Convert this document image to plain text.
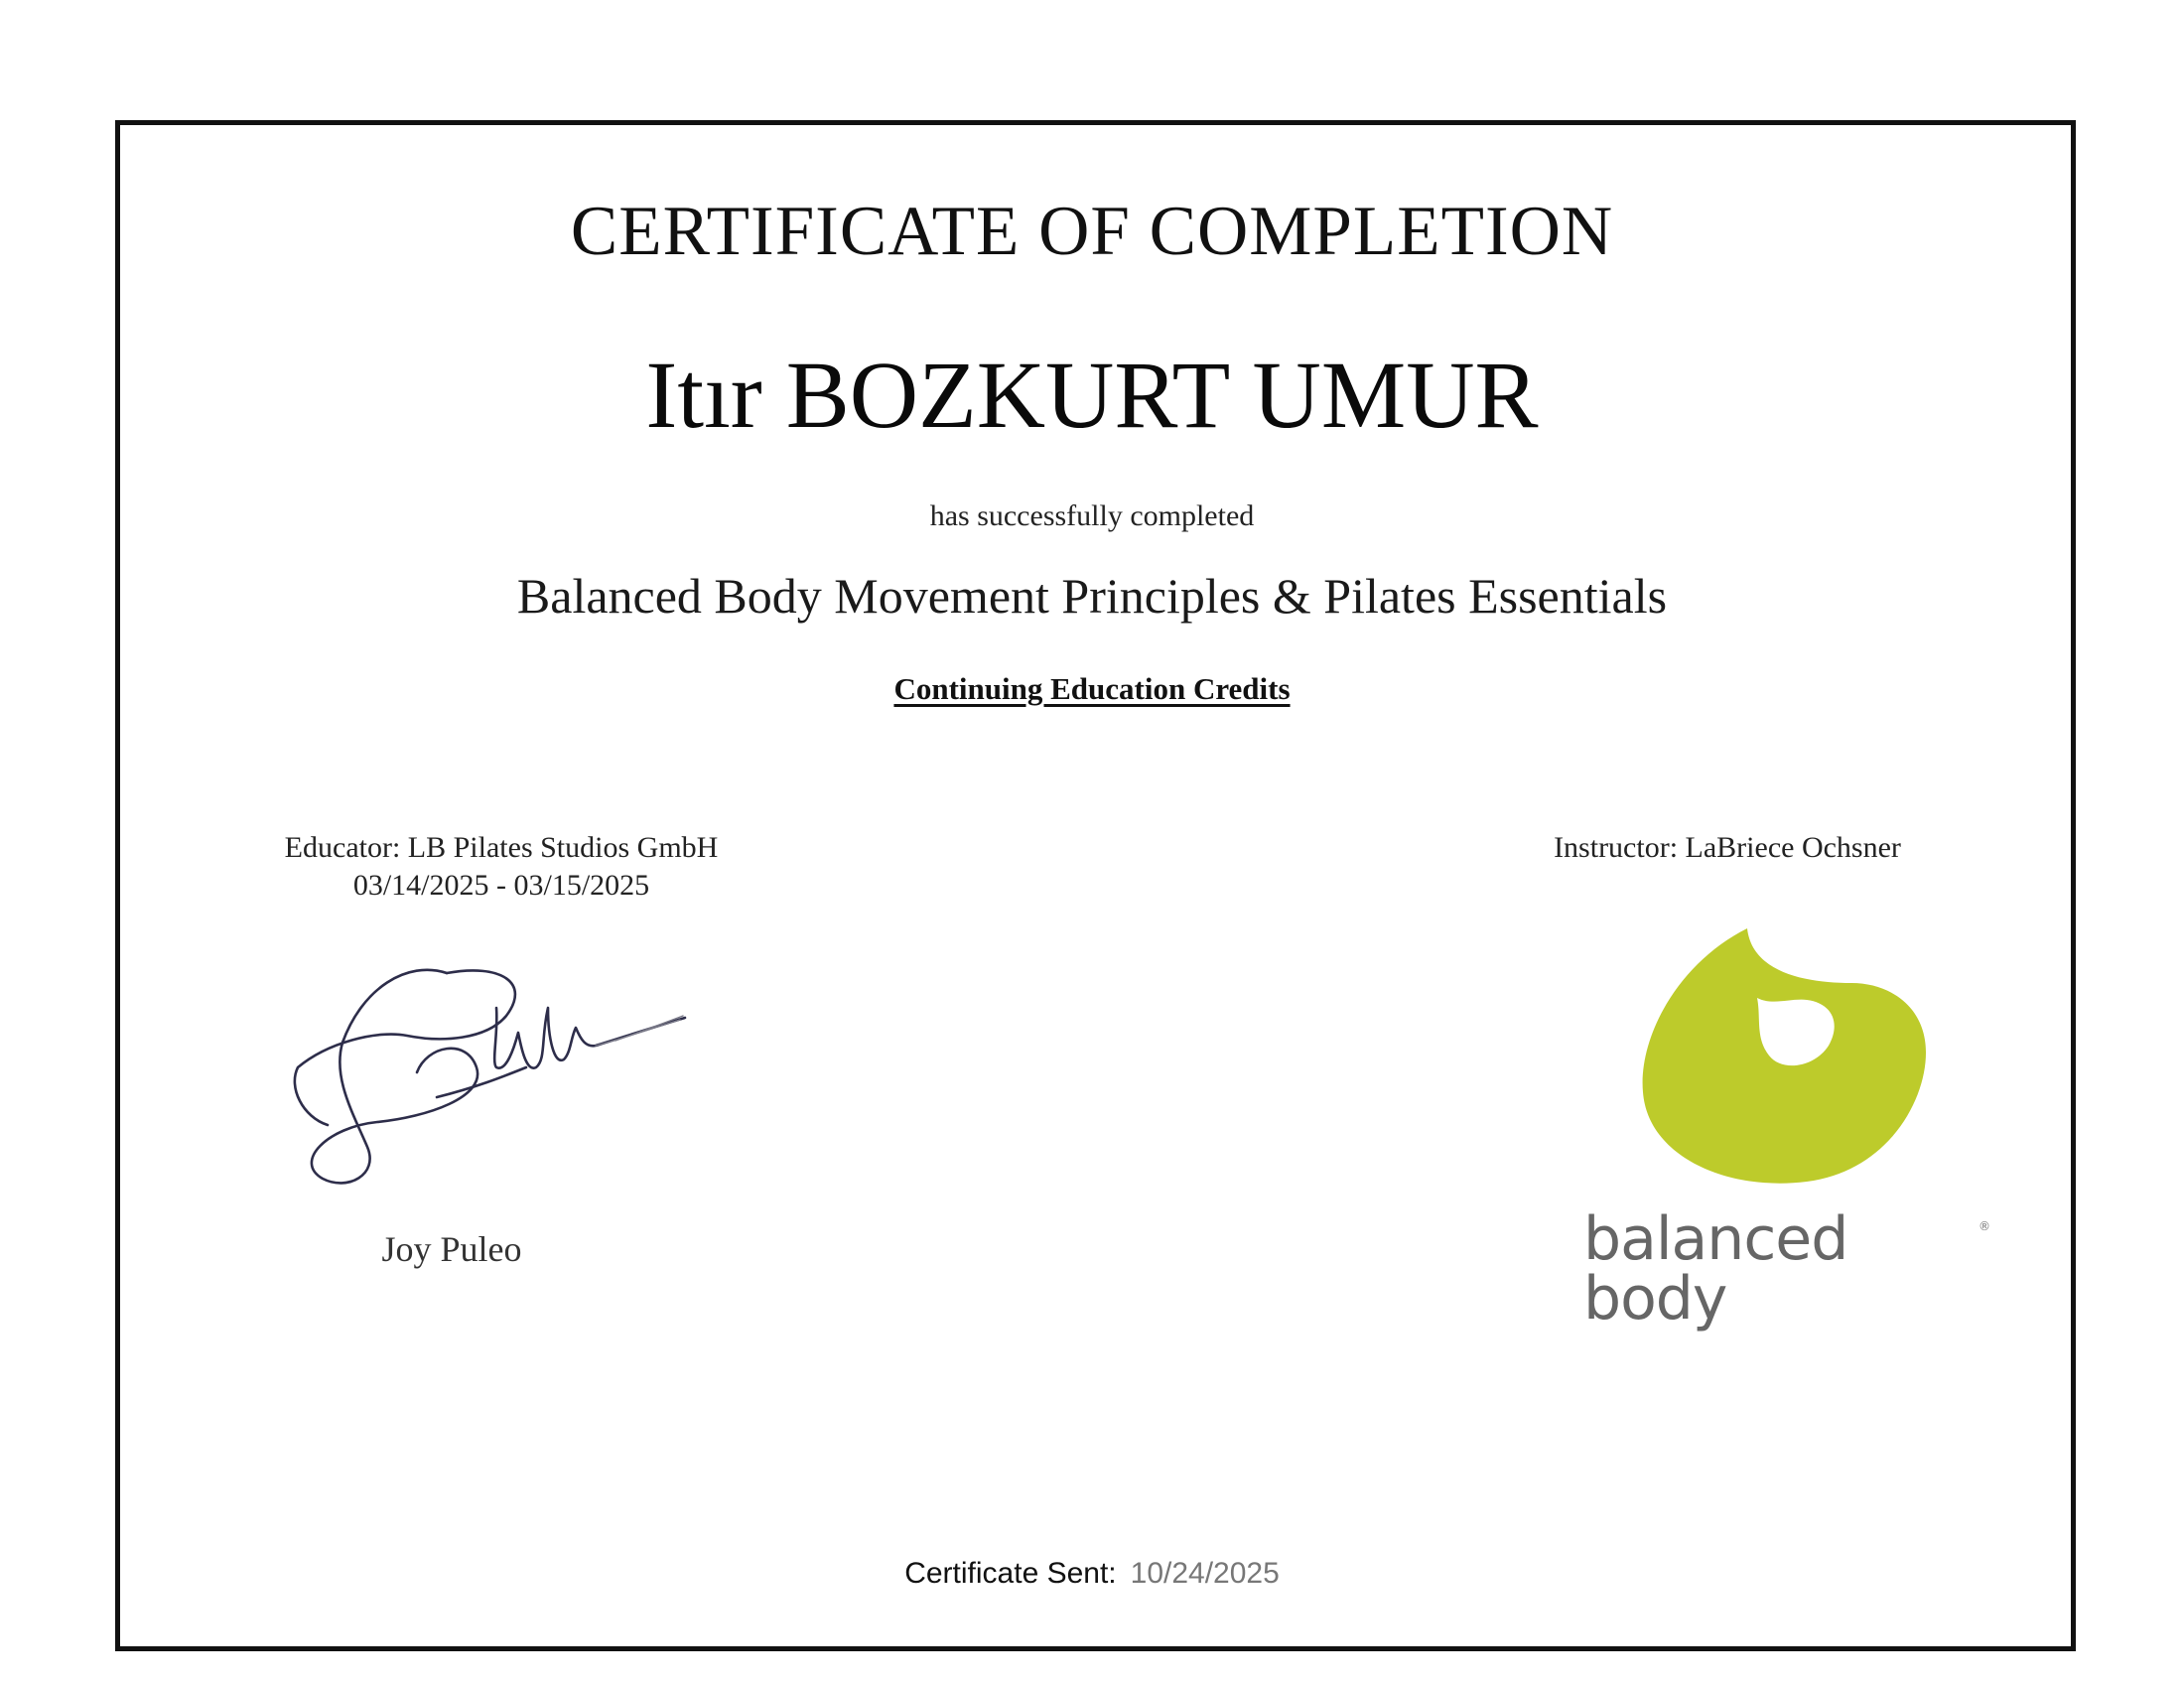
CERTIFICATE OF COMPLETION
Itır BOZKURT UMUR
has successfully completed
Balanced Body Movement Principles & Pilates Essentials
Continuing Education Credits
Educator: LB Pilates Studios GmbH
03/14/2025 - 03/15/2025
Instructor: LaBriece Ochsner
Joy Puleo	balanced body
®
Certificate Sent: 10/24/2025
